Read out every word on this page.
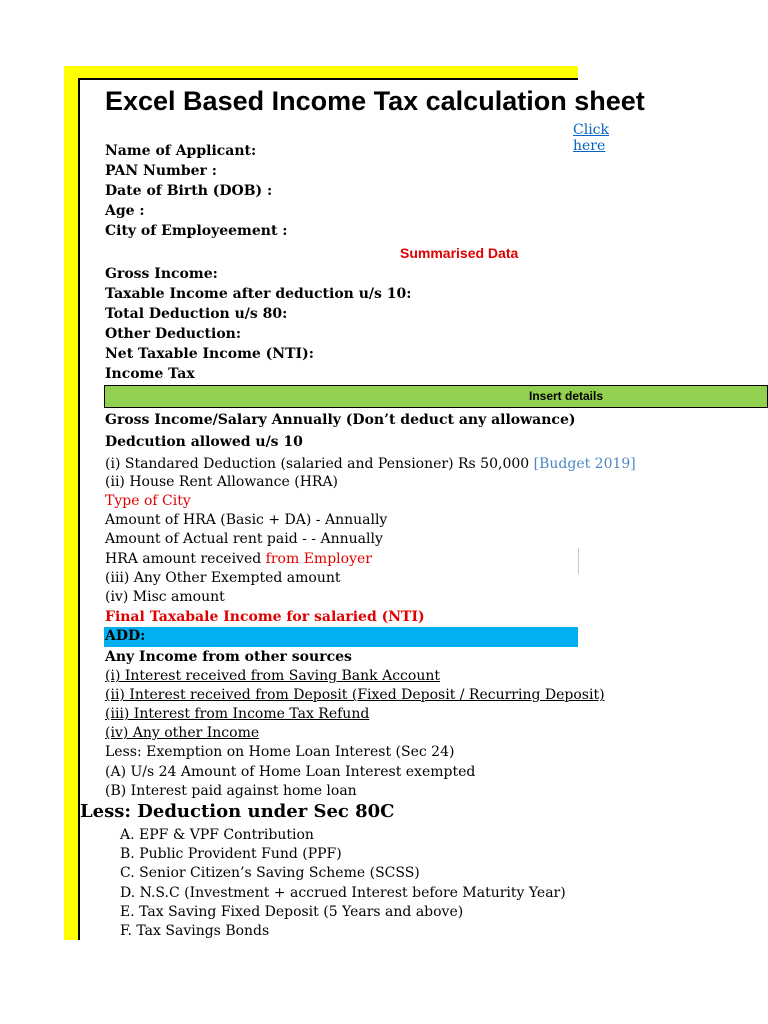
Excel Based Income Tax calculation sheet
Click here
Name of Applicant:
PAN Number :
Date of Birth (DOB) :
Age :
City of Employeement :
Summarised Data
Gross Income:
Taxable Income after deduction u/s 10:
Total Deduction u/s 80:
Other Deduction:
Net Taxable Income (NTI):
Income Tax
Insert details
Gross Income/Salary Annually (Don’t deduct any allowance)
Dedcution allowed u/s 10
(i) Standared Deduction (salaried and Pensioner) Rs 50,000 [Budget 2019]
(ii) House Rent Allowance (HRA)
Type of City
Amount of HRA (Basic + DA) - Annually
Amount of Actual rent paid - - Annually
HRA amount received from Employer
(iii) Any Other Exempted amount
(iv) Misc amount
Final Taxabale Income for salaried (NTI)
ADD:
Any Income from other sources
(i) Interest received from Saving Bank Account
(ii) Interest received from Deposit (Fixed Deposit / Recurring Deposit)
(iii) Interest from Income Tax Refund
(iv) Any other Income
Less: Exemption on Home Loan Interest (Sec 24)
(A) U/s 24 Amount of Home Loan Interest exempted
(B) Interest paid against home loan
Less: Deduction under Sec 80C
A. EPF & VPF Contribution
B. Public Provident Fund (PPF)
C. Senior Citizen’s Saving Scheme (SCSS)
D. N.S.C (Investment + accrued Interest before Maturity Year)
E. Tax Saving Fixed Deposit (5 Years and above)
F. Tax Savings Bonds
